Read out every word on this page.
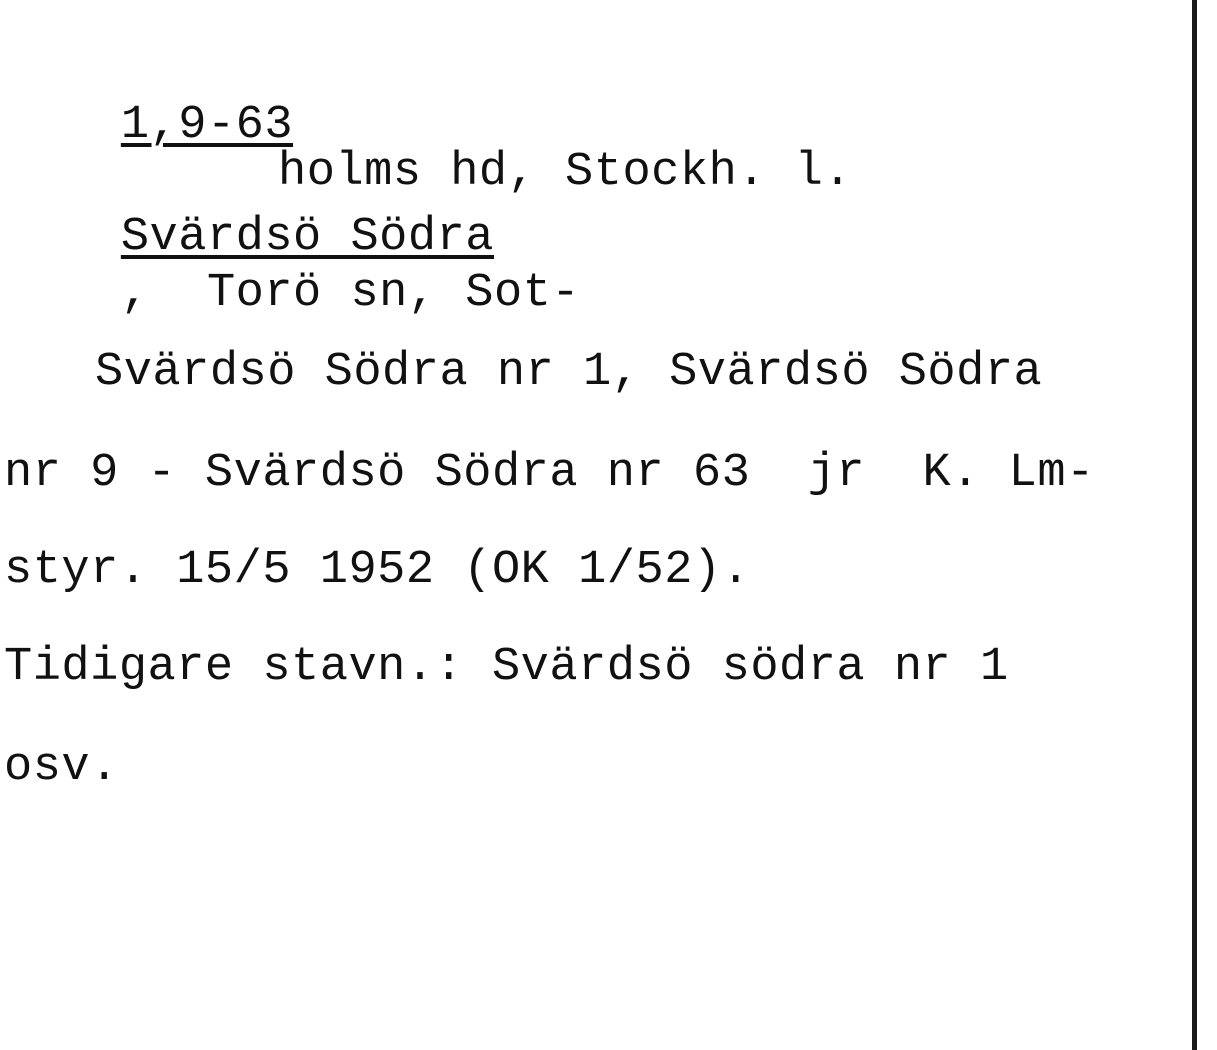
1,9-63

Svärdsö Södra
,  Torö sn, Sot-

holms hd, Stockh. l.
Svärdsö Södra nr 1, Svärdsö Södra
nr 9 - Svärdsö Södra nr 63  jr  K. Lm-
styr. 15/5 1952 (OK 1/52).
Tidigare stavn.: Svärdsö södra nr 1
osv.
